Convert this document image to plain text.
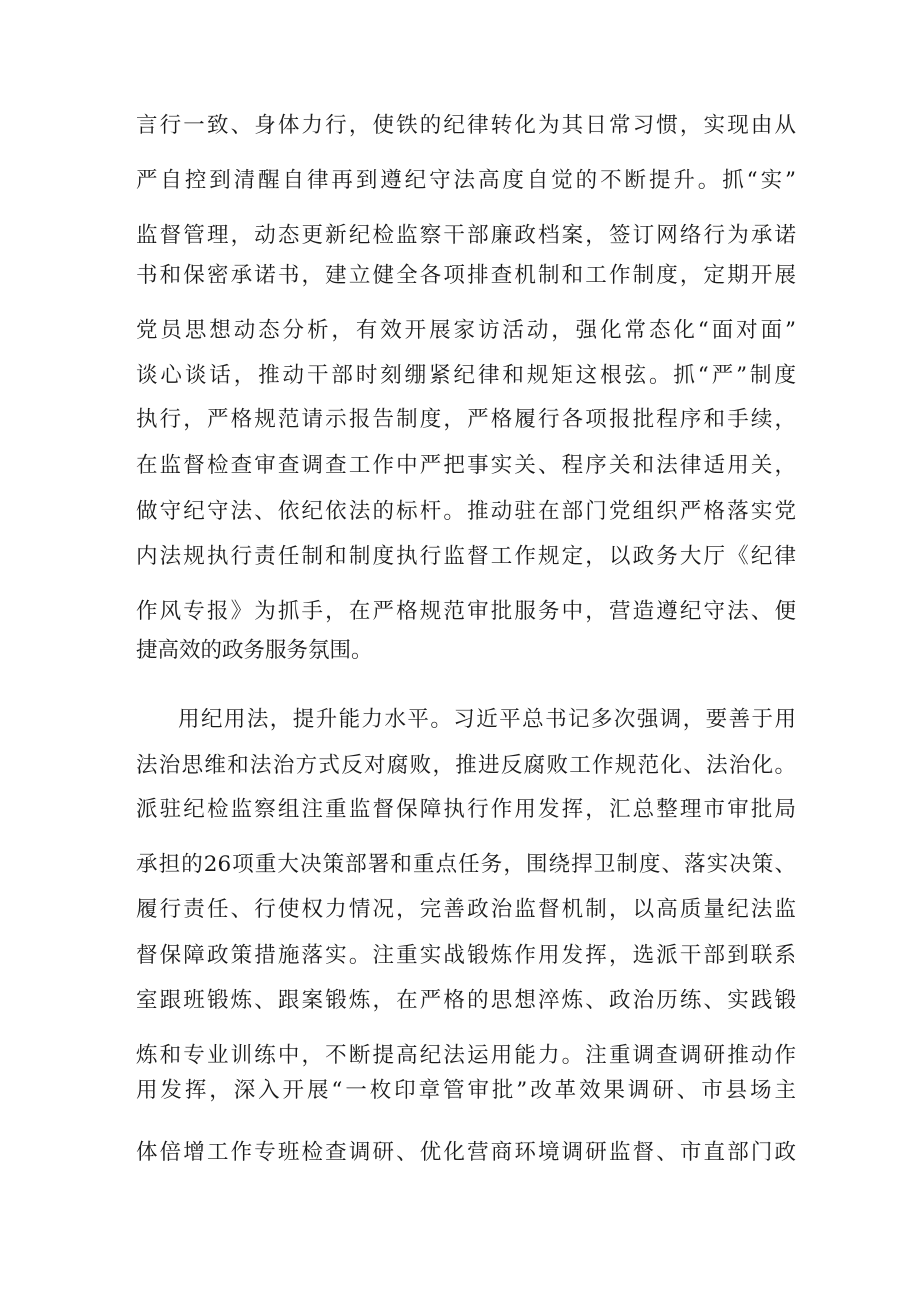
言行一致、身体力行，使铁的纪律转化为其日常习惯，实现由从
严自控到清醒自律再到遵纪守法高度自觉的不断提升。抓“实”
监督管理，动态更新纪检监察干部廉政档案，签订网络行为承诺
书和保密承诺书，建立健全各项排查机制和工作制度，定期开展
党员思想动态分析，有效开展家访活动，强化常态化“面对面”
谈心谈话，推动干部时刻绷紧纪律和规矩这根弦。抓“严”制度
执行，严格规范请示报告制度，严格履行各项报批程序和手续，
在监督检查审查调查工作中严把事实关、程序关和法律适用关，
做守纪守法、依纪依法的标杆。推动驻在部门党组织严格落实党
内法规执行责任制和制度执行监督工作规定，以政务大厅《纪律
作风专报》为抓手，在严格规范审批服务中，营造遵纪守法、便
捷高效的政务服务氛围。
用纪用法，提升能力水平。习近平总书记多次强调，要善于用
法治思维和法治方式反对腐败，推进反腐败工作规范化、法治化。
派驻纪检监察组注重监督保障执行作用发挥，汇总整理市审批局
承担的26项重大决策部署和重点任务，围绕捍卫制度、落实决策、
履行责任、行使权力情况，完善政治监督机制，以高质量纪法监
督保障政策措施落实。注重实战锻炼作用发挥，选派干部到联系
室跟班锻炼、跟案锻炼，在严格的思想淬炼、政治历练、实践锻
炼和专业训练中，不断提高纪法运用能力。注重调查调研推动作
用发挥，深入开展“一枚印章管审批”改革效果调研、市县场主
体倍增工作专班检查调研、优化营商环境调研监督、市直部门政
